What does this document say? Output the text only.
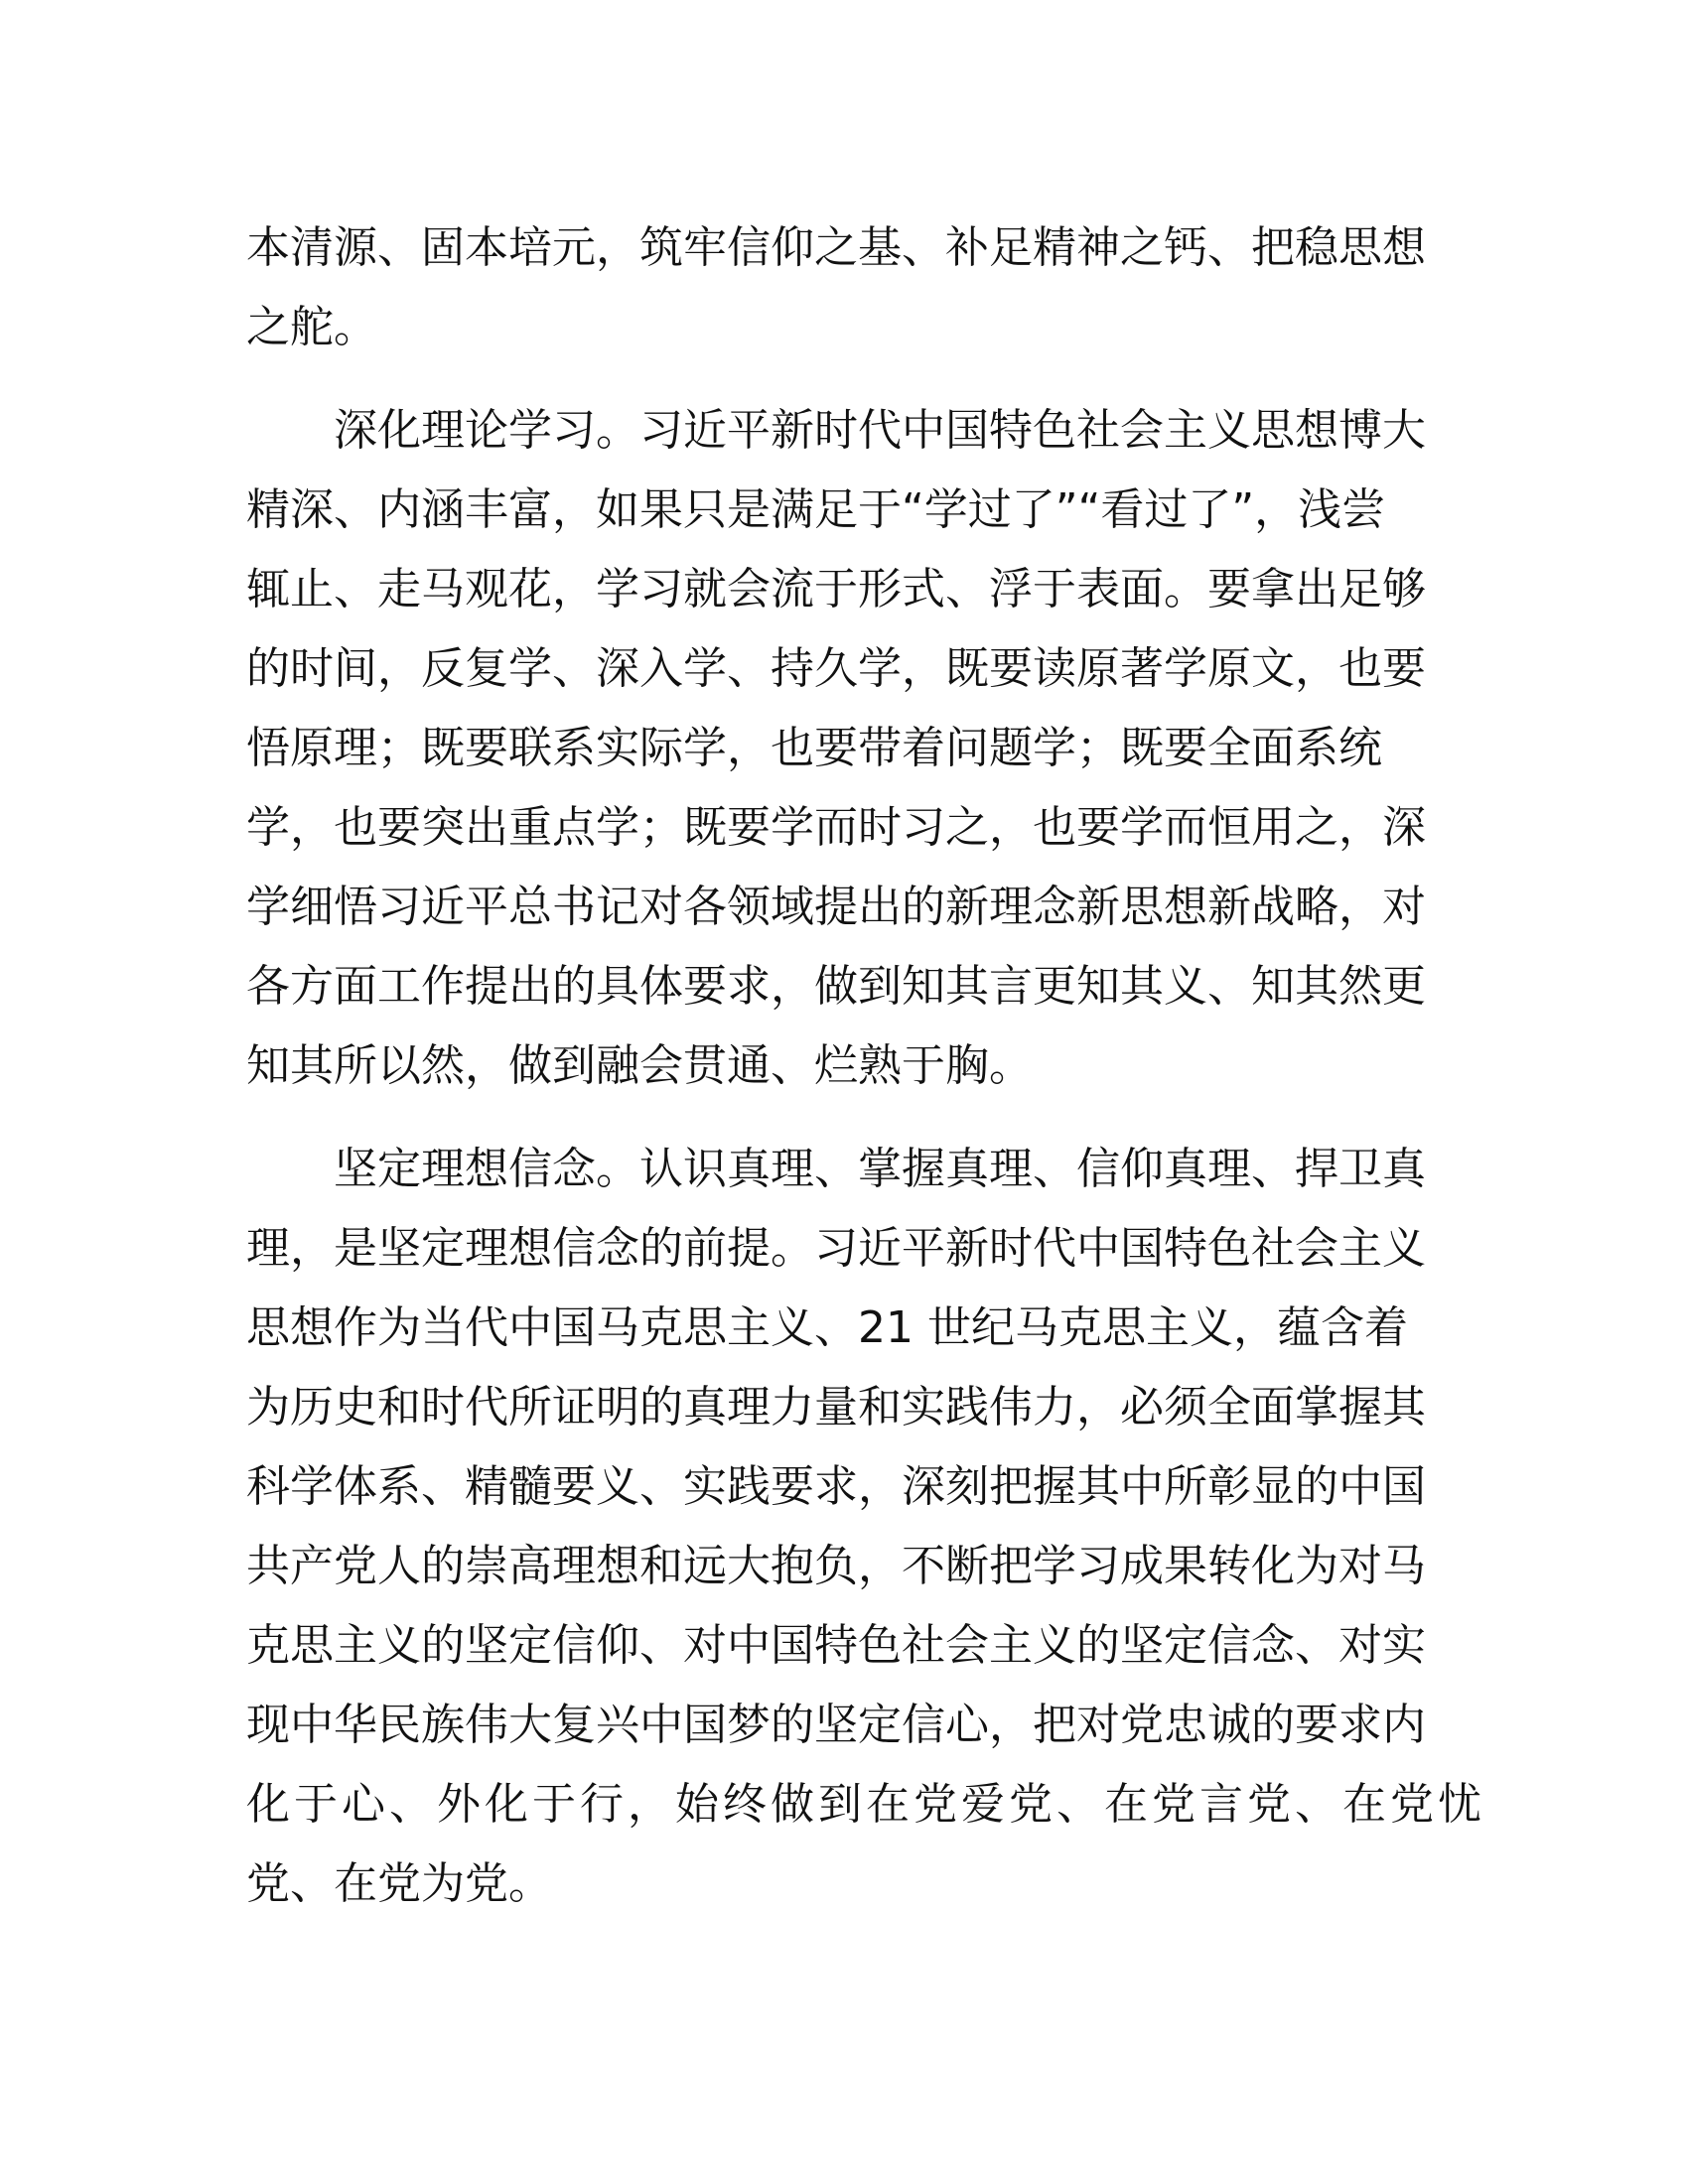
本清源、固本培元，筑牢信仰之基、补足精神之钙、把稳思想
之舵。
深化理论学习。习近平新时代中国特色社会主义思想博大
精深、内涵丰富，如果只是满足于“学过了”“看过了”，浅尝
辄止、走马观花，学习就会流于形式、浮于表面。要拿出足够
的时间，反复学、深入学、持久学，既要读原著学原文，也要
悟原理；既要联系实际学，也要带着问题学；既要全面系统
学，也要突出重点学；既要学而时习之，也要学而恒用之，深
学细悟习近平总书记对各领域提出的新理念新思想新战略，对
各方面工作提出的具体要求，做到知其言更知其义、知其然更
知其所以然，做到融会贯通、烂熟于胸。
坚定理想信念。认识真理、掌握真理、信仰真理、捍卫真
理，是坚定理想信念的前提。习近平新时代中国特色社会主义
思想作为当代中国马克思主义、21 世纪马克思主义，蕴含着
为历史和时代所证明的真理力量和实践伟力，必须全面掌握其
科学体系、精髓要义、实践要求，深刻把握其中所彰显的中国
共产党人的崇高理想和远大抱负，不断把学习成果转化为对马
克思主义的坚定信仰、对中国特色社会主义的坚定信念、对实
现中华民族伟大复兴中国梦的坚定信心，把对党忠诚的要求内
化于心、外化于行，始终做到在党爱党、在党言党、在党忧
党、在党为党。
